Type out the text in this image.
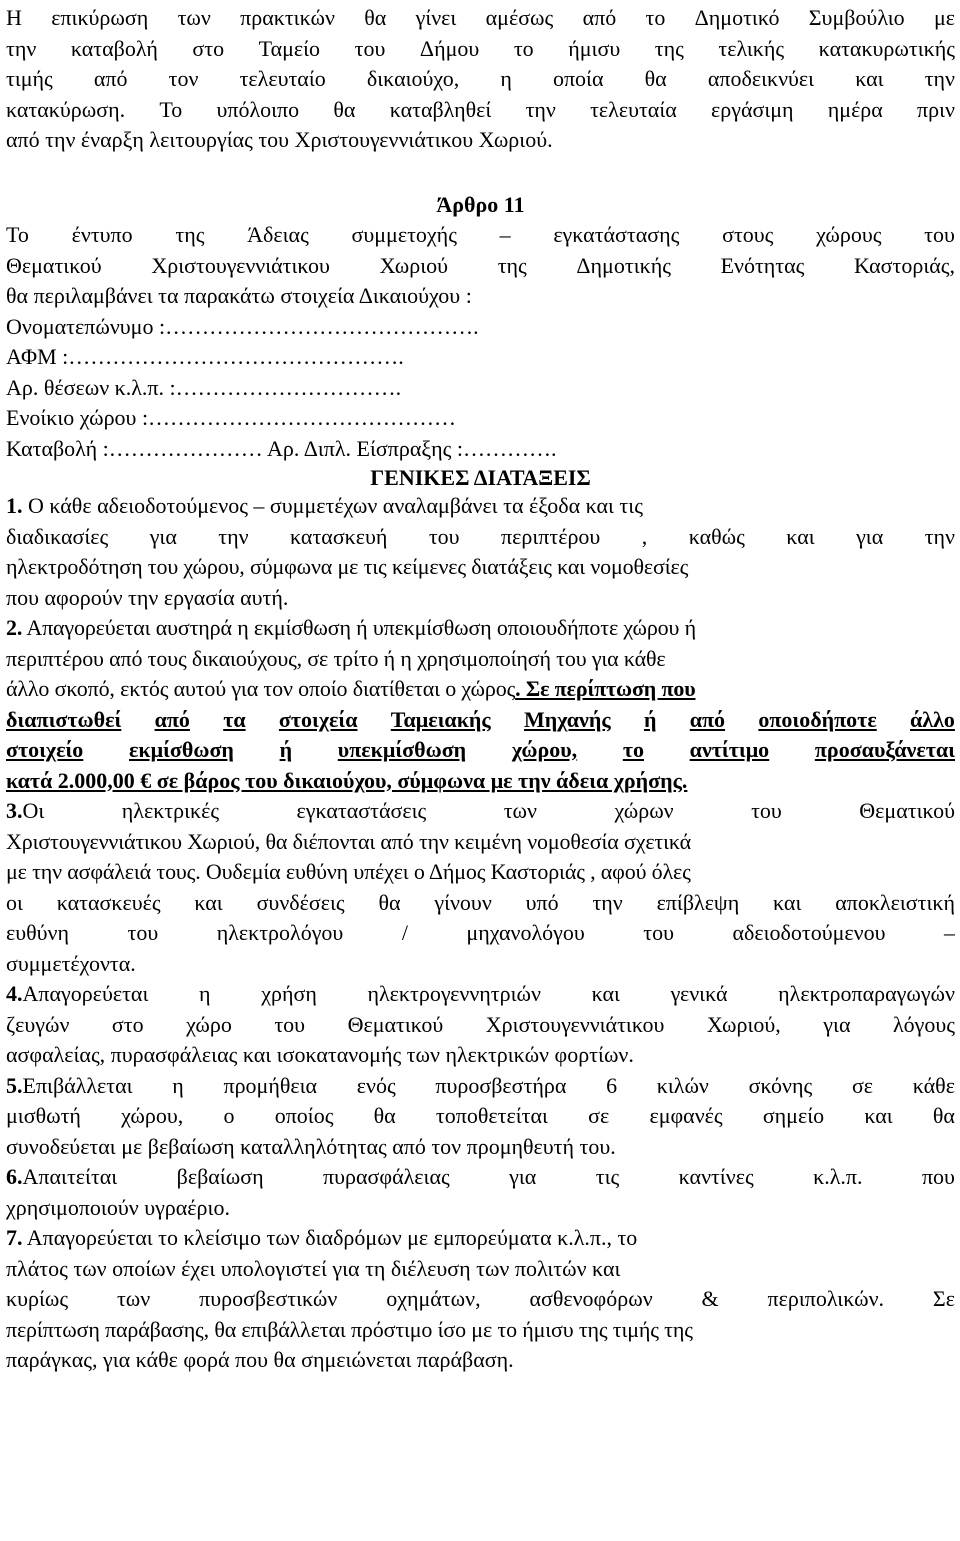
Η επικύρωση των πρακτικών θα γίνει αμέσως από το Δημοτικό Συμβούλιο με
την καταβολή στο Ταμείο του Δήμου το ήμισυ της τελικής κατακυρωτικής
τιμής από τον τελευταίο δικαιούχο, η οποία θα αποδεικνύει και την
κατακύρωση. Το υπόλοιπο θα καταβληθεί την τελευταία εργάσιμη ημέρα πριν
από την έναρξη λειτουργίας του Χριστουγεννιάτικου Χωριού.
Άρθρο 11
Το έντυπο της Άδειας συμμετοχής – εγκατάστασης στους χώρους του
Θεματικού Χριστουγεννιάτικου Χωριού της Δημοτικής Ενότητας Καστοριάς,
θα περιλαμβάνει τα παρακάτω στοιχεία Δικαιούχου :
Ονοματεπώνυμο :…………………………………….
ΑΦΜ :……………………………………….
Αρ. θέσεων κ.λ.π. :………………………….
Ενοίκιο χώρου :……………………………………
Καταβολή :………………… Αρ. Διπλ. Είσπραξης :………….
ΓΕΝΙΚΕΣ ΔΙΑΤΑΞΕΙΣ
1. Ο κάθε αδειοδοτούμενος – συμμετέχων αναλαμβάνει τα έξοδα και τις
διαδικασίες για την κατασκευή του περιπτέρου , καθώς και για την
ηλεκτροδότηση του χώρου, σύμφωνα με τις κείμενες διατάξεις και νομοθεσίες
που αφορούν την εργασία αυτή.
2. Απαγορεύεται αυστηρά η εκμίσθωση ή υπεκμίσθωση οποιουδήποτε χώρου ή
περιπτέρου από τους δικαιούχους, σε τρίτο ή η χρησιμοποίησή του για κάθε
άλλο σκοπό, εκτός αυτού για τον οποίο διατίθεται ο χώρος. Σε περίπτωση που
διαπιστωθεί από τα στοιχεία Ταμειακής Μηχανής ή από οποιοδήποτε άλλο
στοιχείο εκμίσθωση ή υπεκμίσθωση χώρου, το αντίτιμο προσαυξάνεται
κατά 2.000,00 € σε βάρος του δικαιούχου, σύμφωνα με την άδεια χρήσης.
3.Οι	ηλεκτρικές	εγκαταστάσεις	των	χώρων	του	Θεματικού
Χριστουγεννιάτικου Χωριού, θα διέπονται από την κειμένη νομοθεσία σχετικά
με την ασφάλειά τους. Ουδεμία ευθύνη υπέχει ο Δήμος Καστοριάς , αφού όλες
οι κατασκευές και συνδέσεις θα γίνουν υπό την επίβλεψη και αποκλειστική
ευθύνη	του	ηλεκτρολόγου	/	μηχανολόγου	του	αδειοδοτούμενου	–
συμμετέχοντα.
4.Απαγορεύεται η χρήση ηλεκτρογεννητριών και γενικά ηλεκτροπαραγωγών
ζευγών στο χώρο του Θεματικού Χριστουγεννιάτικου Χωριού, για λόγους
ασφαλείας, πυρασφάλειας και ισοκατανομής των ηλεκτρικών φορτίων.
5.Επιβάλλεται η προμήθεια ενός πυροσβεστήρα 6 κιλών σκόνης σε κάθε
μισθωτή χώρου, ο οποίος θα τοποθετείται σε εμφανές σημείο και θα
συνοδεύεται με βεβαίωση καταλληλότητας από τον προμηθευτή του.
6.Απαιτείται	βεβαίωση	πυρασφάλειας	για	τις	καντίνες	κ.λ.π.	που
χρησιμοποιούν υγραέριο.
7. Απαγορεύεται το κλείσιμο των διαδρόμων με εμπορεύματα κ.λ.π., το
πλάτος των οποίων έχει υπολογιστεί για τη διέλευση των πολιτών και
κυρίως των πυροσβεστικών οχημάτων, ασθενοφόρων & περιπολικών. Σε
περίπτωση παράβασης, θα επιβάλλεται πρόστιμο ίσο με το ήμισυ της τιμής της
παράγκας, για κάθε φορά που θα σημειώνεται παράβαση.
